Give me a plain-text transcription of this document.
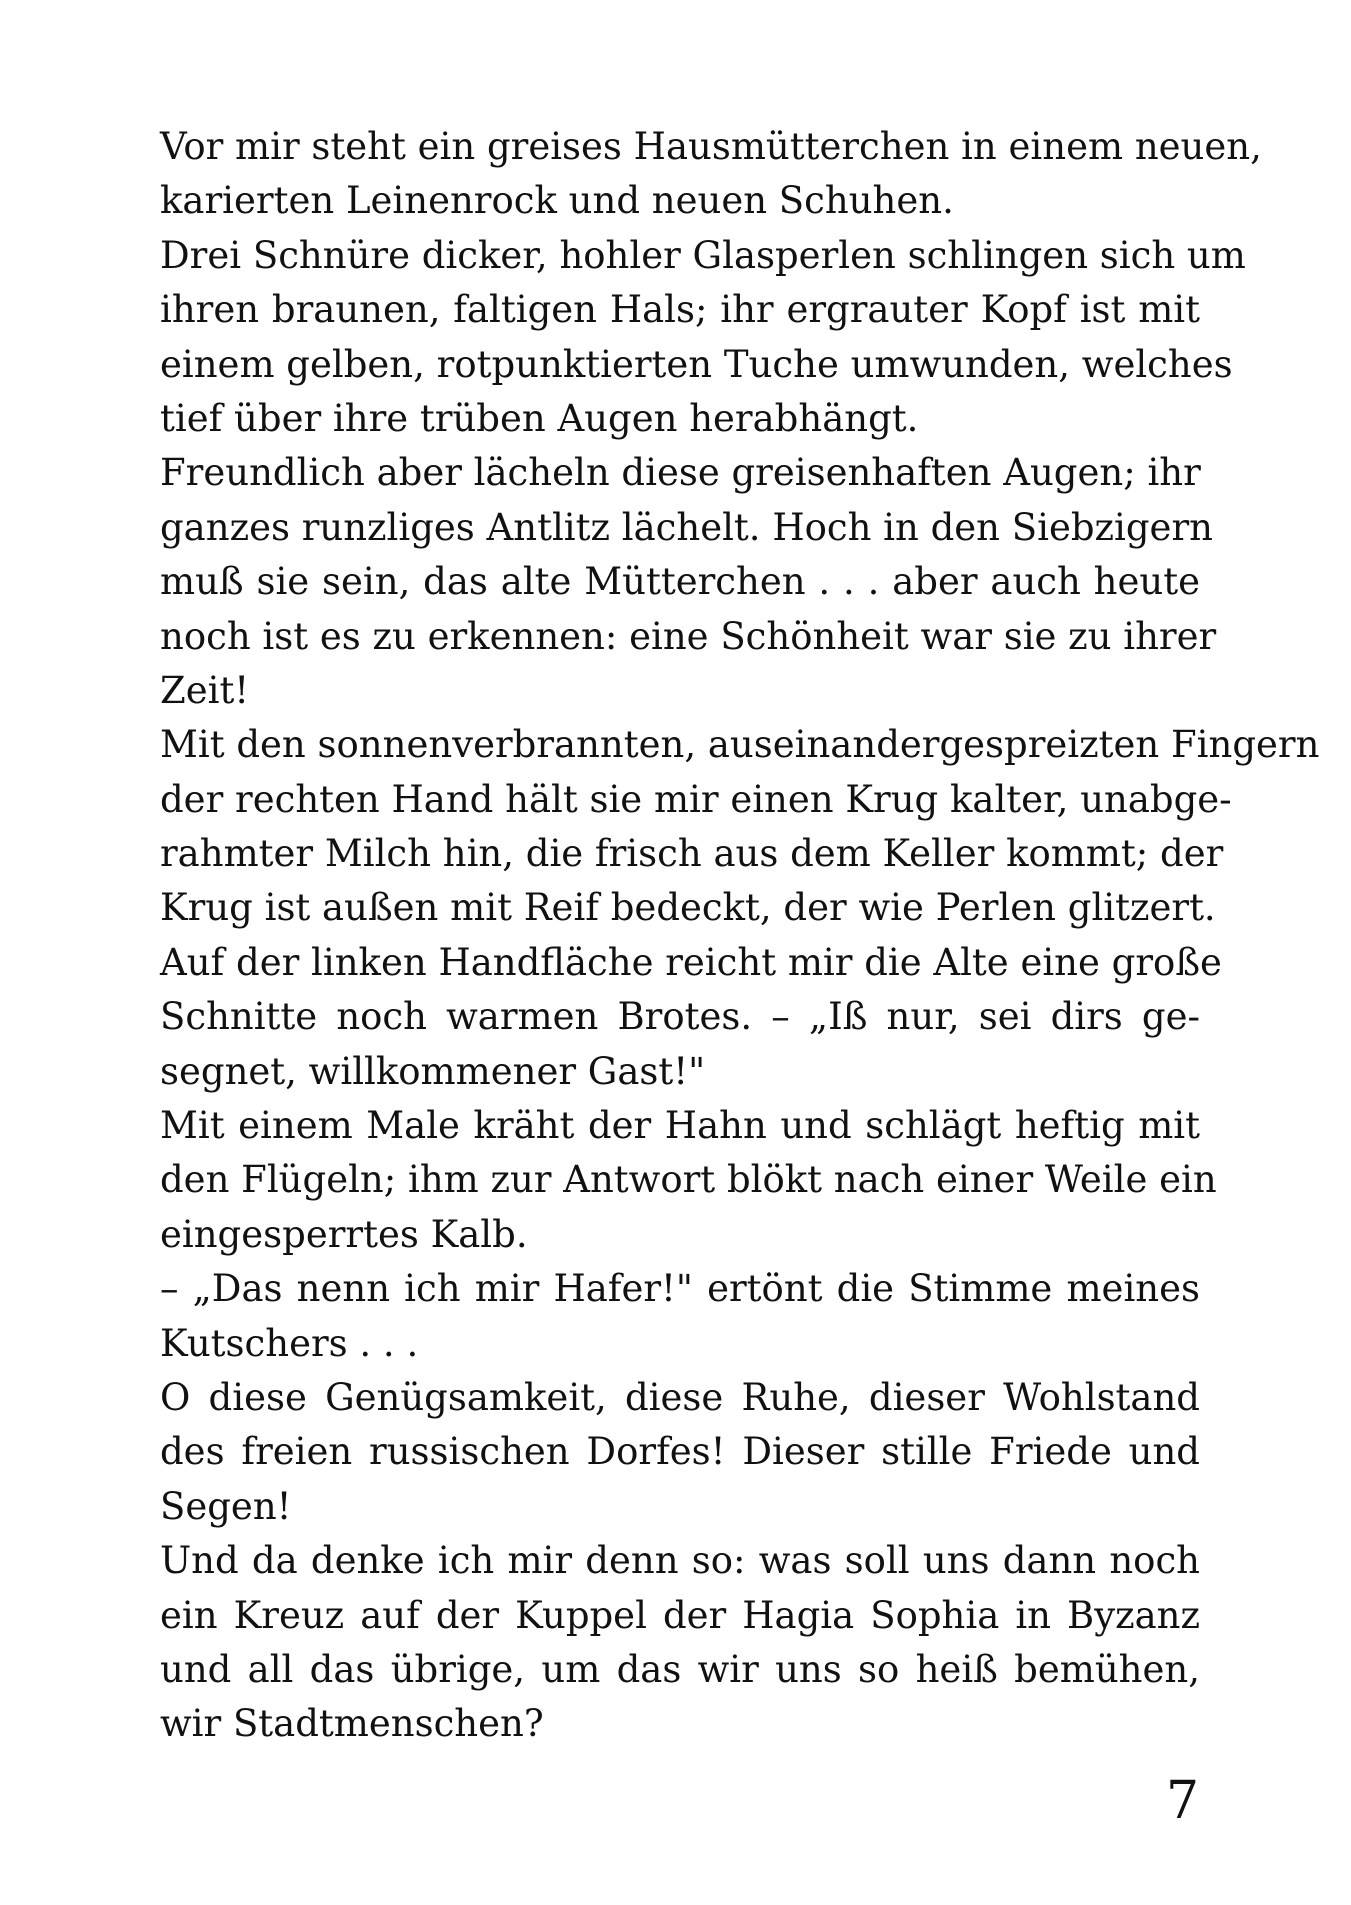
Vor mir steht ein greises Hausmütterchen in einem neuen,
karierten Leinenrock und neuen Schuhen.
Drei Schnüre dicker, hohler Glasperlen schlingen sich um
ihren braunen, faltigen Hals; ihr ergrauter Kopf ist mit
einem gelben, rotpunktierten Tuche umwunden, welches
tief über ihre trüben Augen herabhängt.
Freundlich aber lächeln diese greisenhaften Augen; ihr
ganzes runzliges Antlitz lächelt. Hoch in den Siebzigern
muß sie sein, das alte Mütterchen . . . aber auch heute
noch ist es zu erkennen: eine Schönheit war sie zu ihrer
Zeit!
Mit den sonnenverbrannten, auseinandergespreizten Fingern
der rechten Hand hält sie mir einen Krug kalter, unabge-
rahmter Milch hin, die frisch aus dem Keller kommt; der
Krug ist außen mit Reif bedeckt, der wie Perlen glitzert.
Auf der linken Handfläche reicht mir die Alte eine große
Schnitte noch warmen Brotes. – „Iß nur, sei dirs ge-
segnet, willkommener Gast!"
Mit einem Male kräht der Hahn und schlägt heftig mit
den Flügeln; ihm zur Antwort blökt nach einer Weile ein
eingesperrtes Kalb.
– „Das nenn ich mir Hafer!" ertönt die Stimme meines
Kutschers . . .
O diese Genügsamkeit, diese Ruhe, dieser Wohlstand
des freien russischen Dorfes! Dieser stille Friede und
Segen!
Und da denke ich mir denn so: was soll uns dann noch
ein Kreuz auf der Kuppel der Hagia Sophia in Byzanz
und all das übrige, um das wir uns so heiß bemühen,
wir Stadtmenschen?
7
